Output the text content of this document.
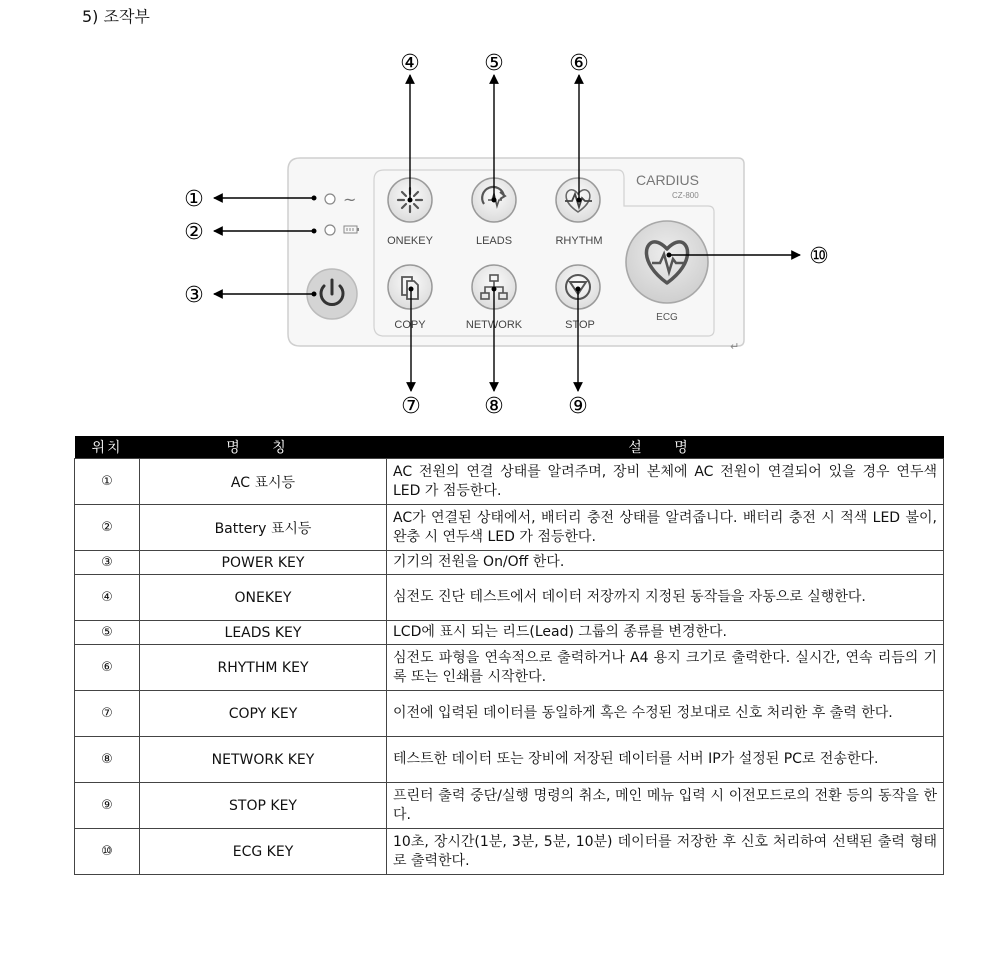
5) 조작부
CARDIUS
CZ-800
~
ONEKEY	LEADS	RHYTHM
COPY	NETWORK	STOP
ECG
↵
①
②
③
④	⑤	⑥
⑦	⑧	⑨
⑩
위치	명 칭	설 명
①	AC 표시등	AC 전원의 연결 상태를 알려주며, 장비 본체에 AC 전원이 연결되어 있을 경우 연두색 LED 가 점등한다.
②	Battery 표시등	AC가 연결된 상태에서, 배터리 충전 상태를 알려줍니다. 배터리 충전 시 적색 LED 불이, 완충 시 연두색 LED 가 점등한다.
③	POWER KEY	기기의 전원을 On/Off 한다.
④	ONEKEY	심전도 진단 테스트에서 데이터 저장까지 지정된 동작들을 자동으로 실행한다.
⑤	LEADS KEY	LCD에 표시 되는 리드(Lead) 그룹의 종류를 변경한다.
⑥	RHYTHM KEY	심전도 파형을 연속적으로 출력하거나 A4 용지 크기로 출력한다. 실시간, 연속 리듬의 기록 또는 인쇄를 시작한다.
⑦	COPY KEY	이전에 입력된 데이터를 동일하게 혹은 수정된 정보대로 신호 처리한 후 출력 한다.
⑧	NETWORK KEY	테스트한 데이터 또는 장비에 저장된 데이터를 서버 IP가 설정된 PC로 전송한다.
⑨	STOP KEY	프린터 출력 중단/실행 명령의 취소, 메인 메뉴 입력 시 이전모드로의 전환 등의 동작을 한다.
⑩	ECG KEY	10초, 장시간(1분, 3분, 5분, 10분) 데이터를 저장한 후 신호 처리하여 선택된 출력 형태로 출력한다.
